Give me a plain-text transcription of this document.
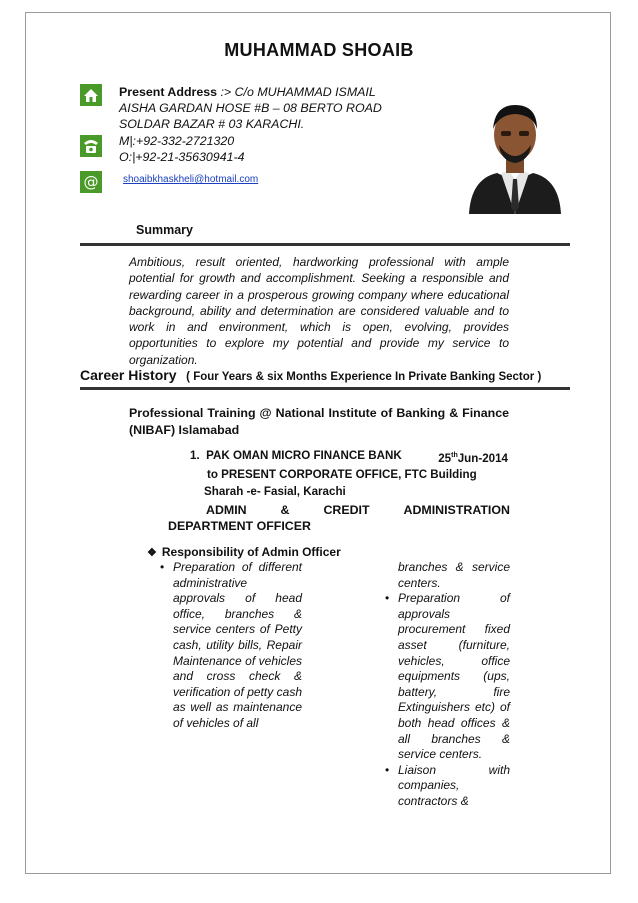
MUHAMMAD SHOAIB
@
Present Address :> C/o MUHAMMAD ISMAIL
AISHA GARDAN HOSE #B – 08 BERTO ROAD
SOLDAR BAZAR # 03 KARACHI.
M|:+92-332-2721320
O:|+92-21-35630941-4
shoaibkhaskheli@hotmail.com
Summary
Ambitious, result oriented, hardworking professional with ample potential for growth and accomplishment. Seeking a responsible and rewarding career in a prosperous growing company where educational background, ability and determination are considered valuable and to work in and environment, which is open, evolving, provides opportunities to explore my potential and provide my service to organization.
Career History ( Four Years & six Months Experience In Private Banking Sector )
Professional Training @ National Institute of Banking & Finance (NIBAF) Islamabad
1. PAK OMAN MICRO FINANCE BANK	25thJun-2014
to PRESENT CORPORATE OFFICE, FTC Building
Sharah -e- Fasial, Karachi
ADMIN	&	CREDIT	ADMINISTRATION
DEPARTMENT OFFICER
❖ Responsibility of Admin Officer
• Preparation of different administrative approvals of head office, branches & service centers of Petty cash, utility bills, Repair Maintenance of vehicles and cross check & verification of petty cash as well as maintenance of vehicles of all
branches & service centers.
• Preparation of approvals procurement fixed asset (furniture, vehicles, office equipments (ups, battery, fire Extinguishers etc) of both head offices & all branches & service centers.
• Liaison with companies, contractors &
